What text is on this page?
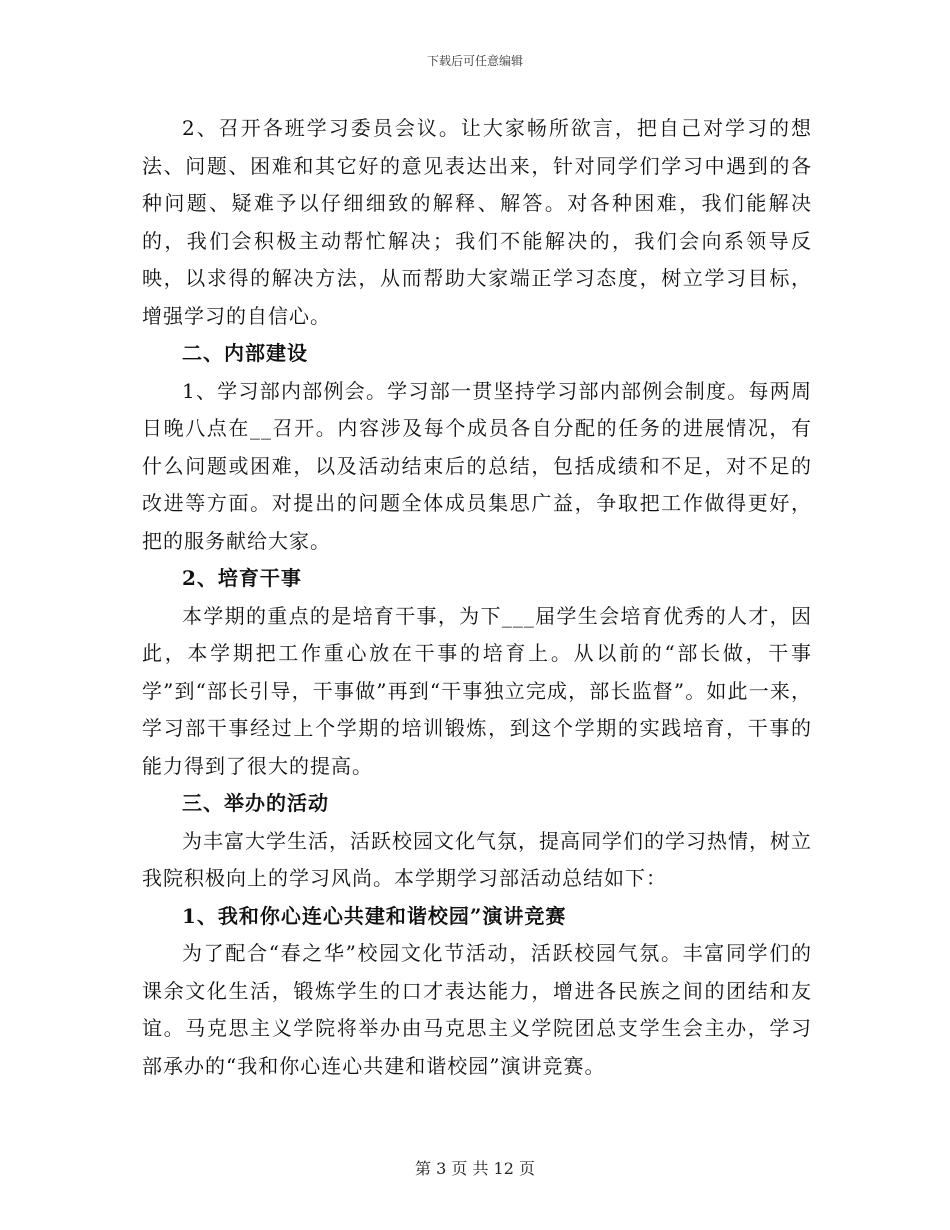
下载后可任意编辑

2、召开各班学习委员会议。让大家畅所欲言，把自己对学习的想法、问题、困难和其它好的意见表达出来，针对同学们学习中遇到的各种问题、疑难予以仔细细致的解释、解答。对各种困难，我们能解决的，我们会积极主动帮忙解决；我们不能解决的，我们会向系领导反映，以求得的解决方法，从而帮助大家端正学习态度，树立学习目标，增强学习的自信心。

二、内部建设

1、学习部内部例会。学习部一贯坚持学习部内部例会制度。每两周日晚八点在__召开。内容涉及每个成员各自分配的任务的进展情况，有什么问题或困难，以及活动结束后的总结，包括成绩和不足，对不足的改进等方面。对提出的问题全体成员集思广益，争取把工作做得更好，把的服务献给大家。

2、培育干事

本学期的重点的是培育干事，为下___届学生会培育优秀的人才，因此，本学期把工作重心放在干事的培育上。从以前的“部长做，干事学”到“部长引导，干事做”再到“干事独立完成，部长监督”。如此一来，学习部干事经过上个学期的培训锻炼，到这个学期的实践培育，干事的能力得到了很大的提高。

三、举办的活动

为丰富大学生活，活跃校园文化气氛，提高同学们的学习热情，树立我院积极向上的学习风尚。本学期学习部活动总结如下：

1、我和你心连心共建和谐校园”演讲竞赛

为了配合“春之华”校园文化节活动，活跃校园气氛。丰富同学们的课余文化生活，锻炼学生的口才表达能力，增进各民族之间的团结和友谊。马克思主义学院将举办由马克思主义学院团总支学生会主办，学习部承办的“我和你心连心共建和谐校园”演讲竞赛。

第 3 页 共 12 页
